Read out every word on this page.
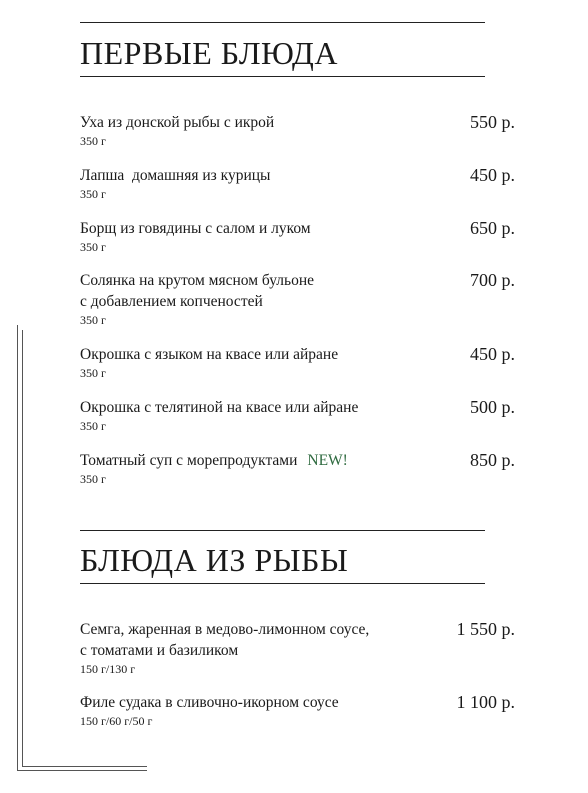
ПЕРВЫЕ БЛЮДА
Уха из донской рыбы с икрой
350 г
550 р.
Лапша  домашняя из курицы
350 г
450 р.
Борщ из говядины с салом и луком
350 г
650 р.
Солянка на крутом мясном бульоне
с добавлением копченостей
350 г
700 р.
Окрошка с языком на квасе или айране
350 г
450 р.
Окрошка с телятиной на квасе или айране
350 г
500 р.
Томатный суп с морепродуктами NEW!
350 г
850 р.
БЛЮДА ИЗ РЫБЫ
Семга, жаренная в медово-лимонном соусе,
с томатами и базиликом
150 г/130 г
1 550 р.
Филе судака в сливочно-икорном соусе
150 г/60 г/50 г
1 100 р.
